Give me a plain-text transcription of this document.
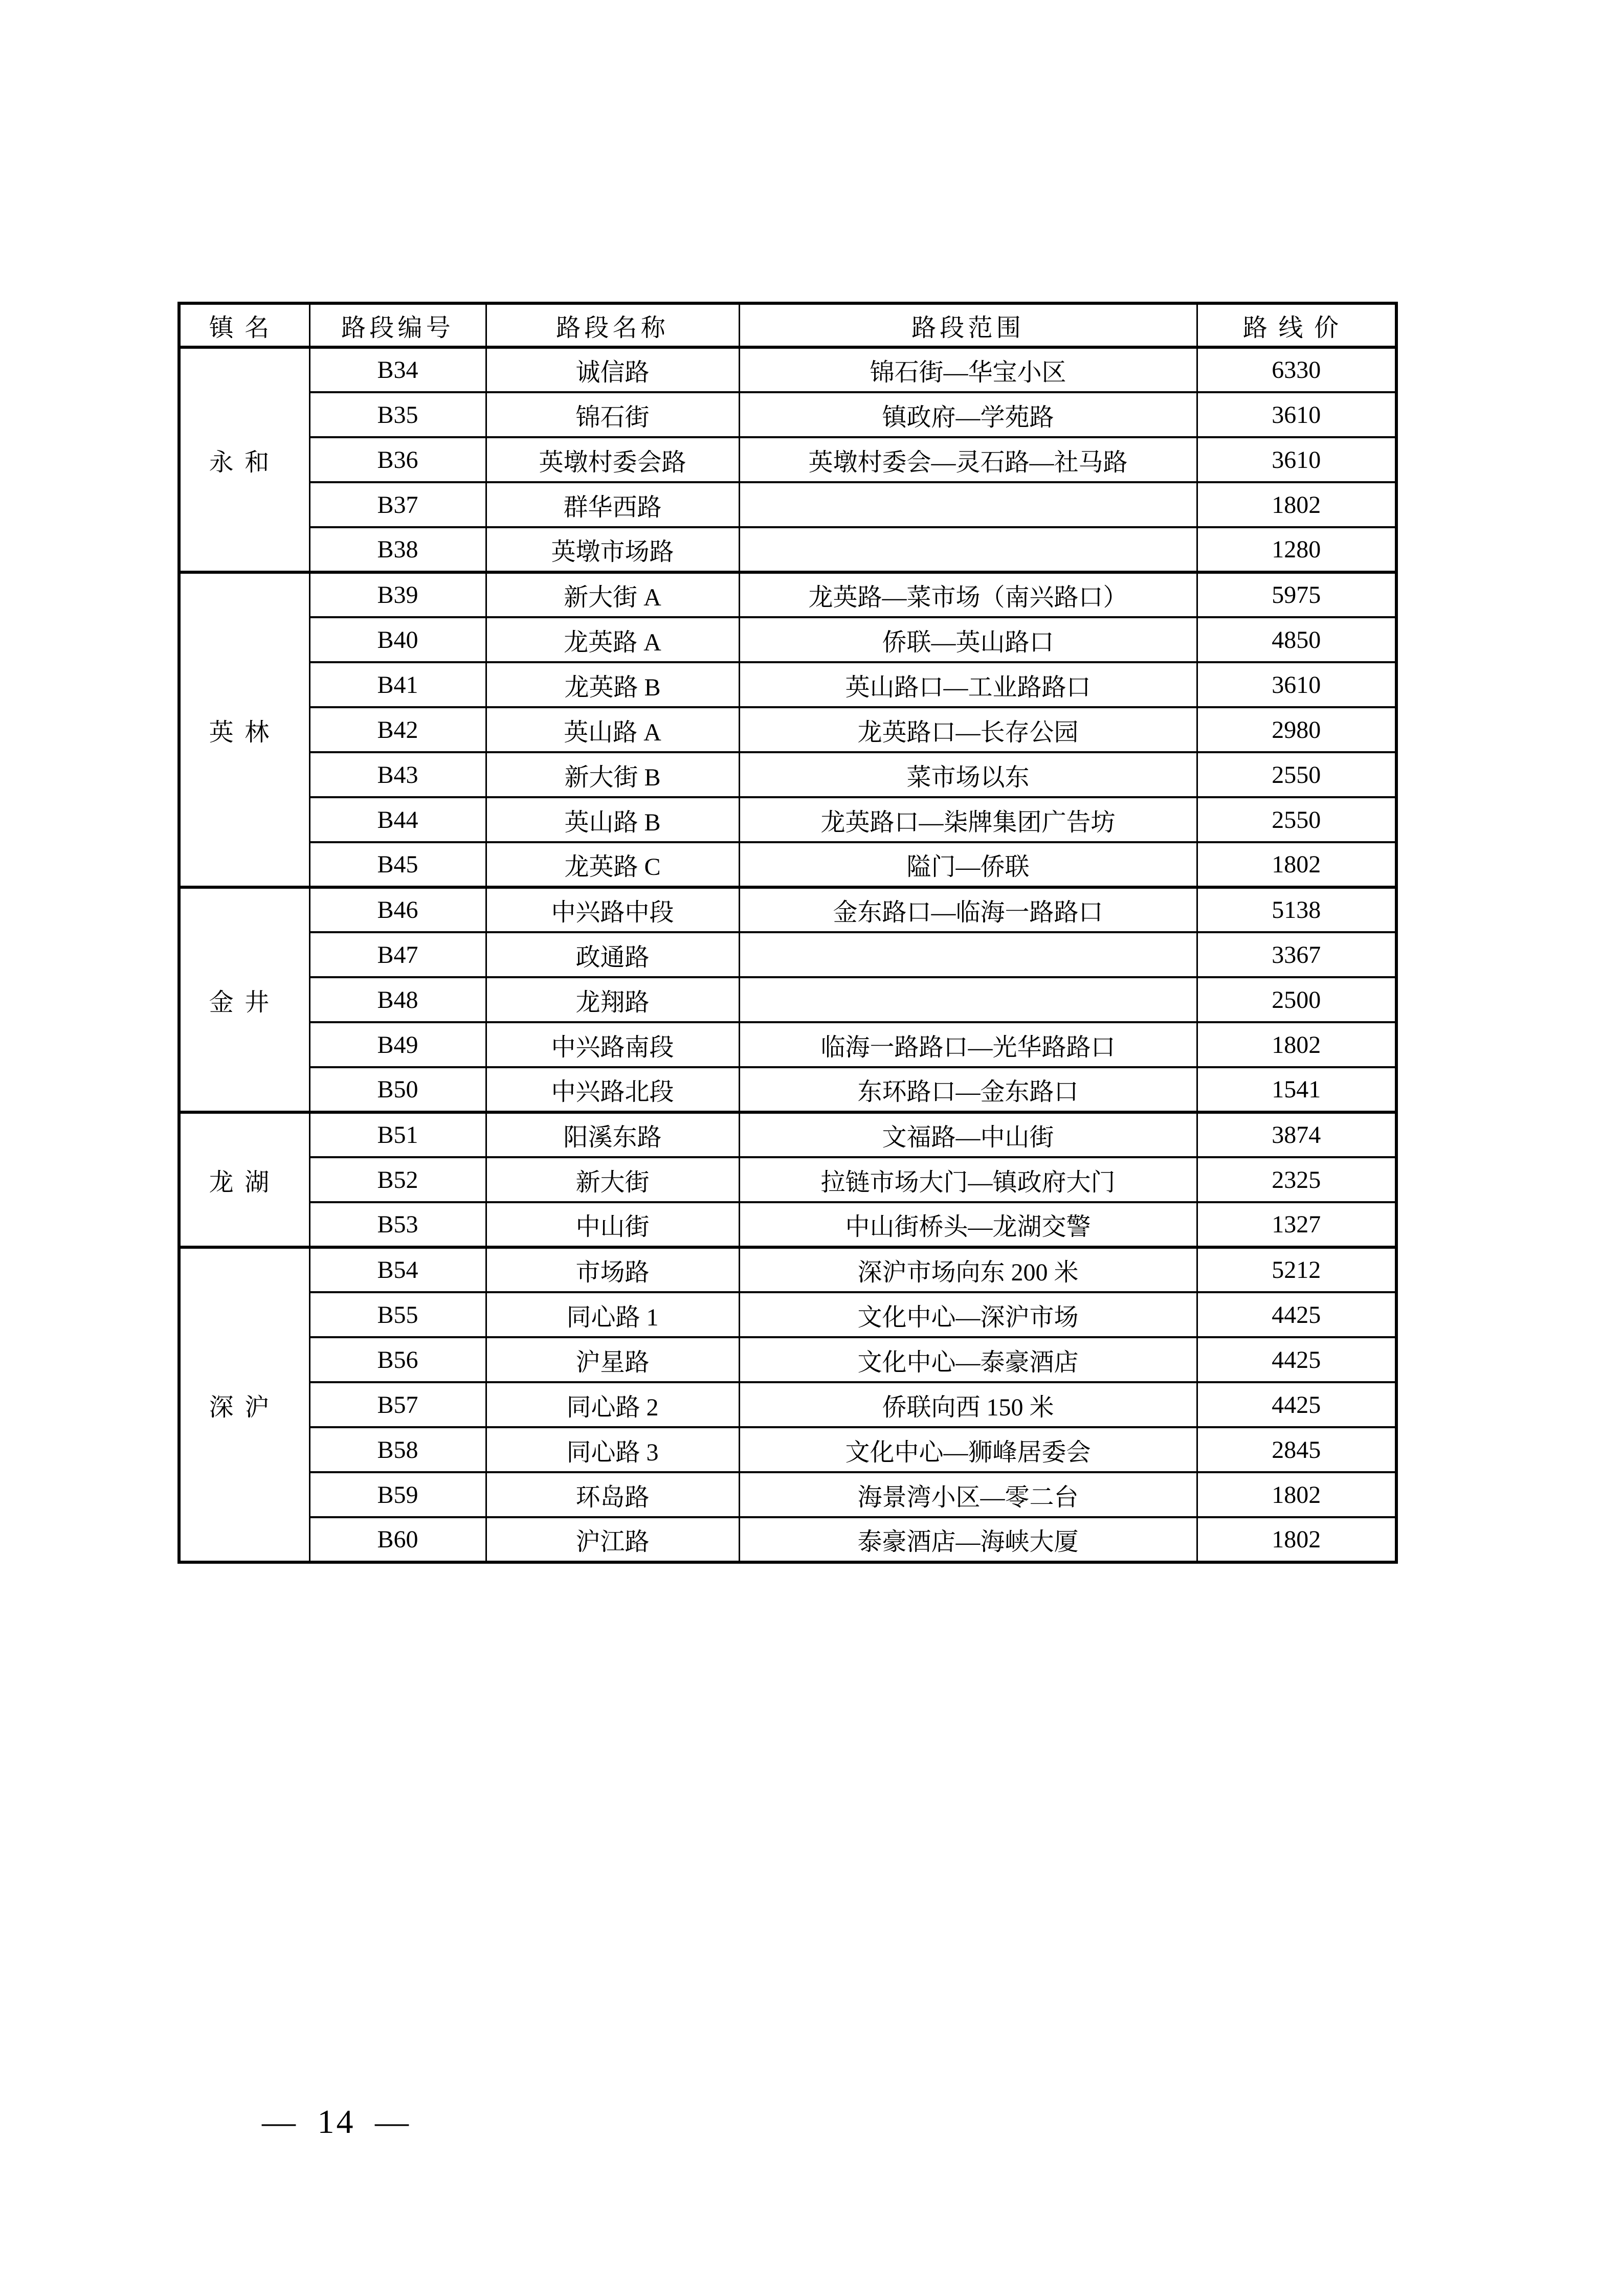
镇名	路段编号	路段名称	路段范围	路线价
永和	B34	诚信路	锦石街—华宝小区	6330
	B35	锦石街	镇政府—学苑路	3610
	B36	英墩村委会路	英墩村委会—灵石路—社马路	3610
	B37	群华西路		1802
	B38	英墩市场路		1280
英林	B39	新大街 A	龙英路—菜市场（南兴路口）	5975
	B40	龙英路 A	侨联—英山路口	4850
	B41	龙英路 B	英山路口—工业路路口	3610
	B42	英山路 A	龙英路口—长存公园	2980
	B43	新大街 B	菜市场以东	2550
	B44	英山路 B	龙英路口—柒牌集团广告坊	2550
	B45	龙英路 C	隘门—侨联	1802
金井	B46	中兴路中段	金东路口—临海一路路口	5138
	B47	政通路		3367
	B48	龙翔路		2500
	B49	中兴路南段	临海一路路口—光华路路口	1802
	B50	中兴路北段	东环路口—金东路口	1541
龙湖	B51	阳溪东路	文福路—中山街	3874
	B52	新大街	拉链市场大门—镇政府大门	2325
	B53	中山街	中山街桥头—龙湖交警	1327
深沪	B54	市场路	深沪市场向东 200 米	5212
	B55	同心路 1	文化中心—深沪市场	4425
	B56	沪星路	文化中心—泰豪酒店	4425
	B57	同心路 2	侨联向西 150 米	4425
	B58	同心路 3	文化中心—狮峰居委会	2845
	B59	环岛路	海景湾小区—零二台	1802
	B60	沪江路	泰豪酒店—海峡大厦	1802
— 14 —
